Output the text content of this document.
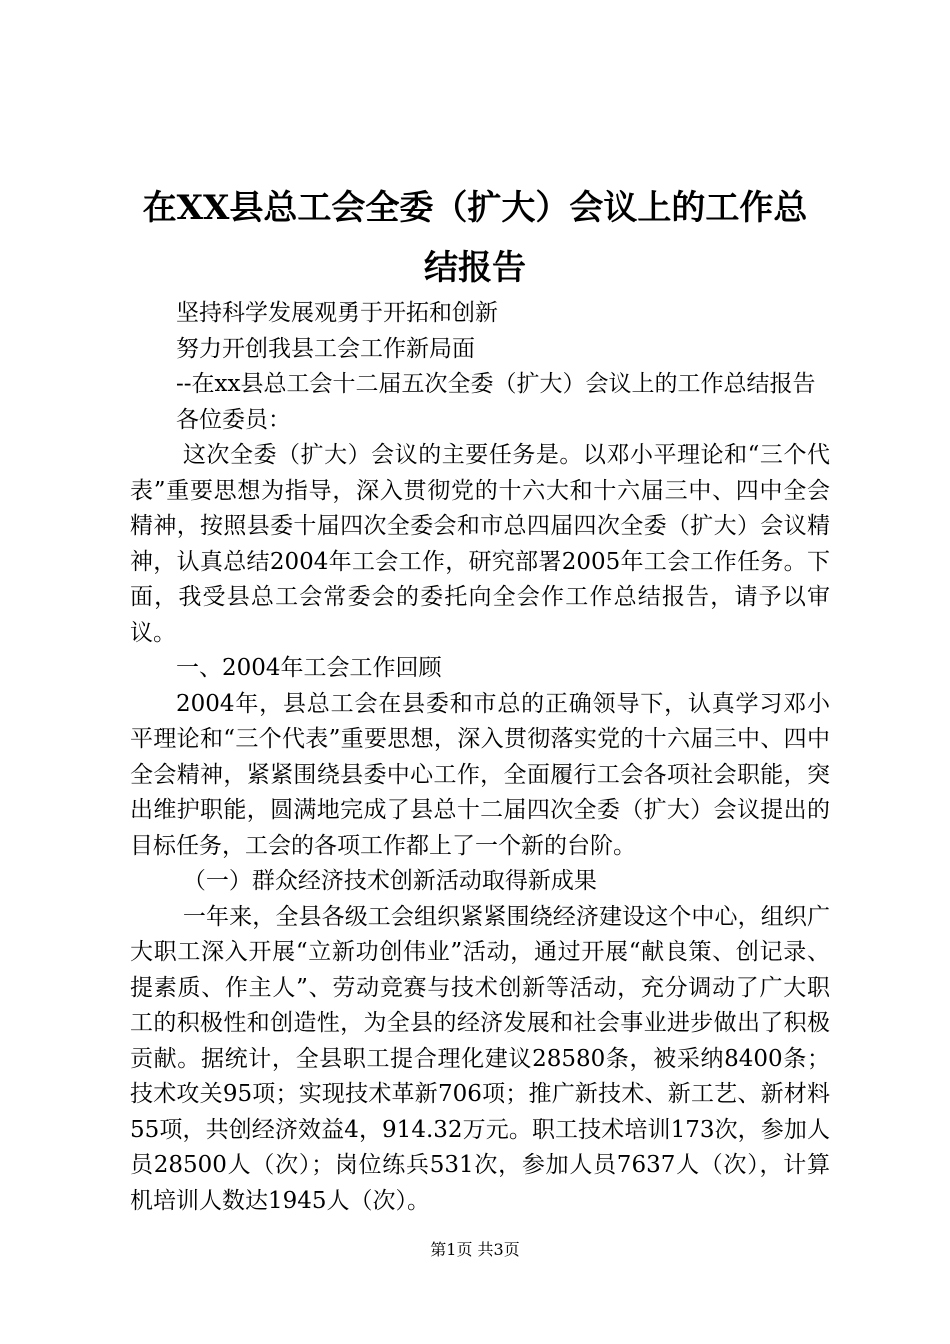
在XX县总工会全委（扩大）会议上的工作总
结报告

坚持科学发展观勇于开拓和创新

努力开创我县工会工作新局面

--在xx县总工会十二届五次全委（扩大）会议上的工作总结报告

各位委员：

这次全委（扩大）会议的主要任务是。以邓小平理论和“三个代表”重要思想为指导，深入贯彻党的十六大和十六届三中、四中全会精神，按照县委十届四次全委会和市总四届四次全委（扩大）会议精神，认真总结2004年工会工作，研究部署2005年工会工作任务。下面，我受县总工会常委会的委托向全会作工作总结报告，请予以审议。

一、2004年工会工作回顾

2004年，县总工会在县委和市总的正确领导下，认真学习邓小平理论和“三个代表”重要思想，深入贯彻落实党的十六届三中、四中全会精神，紧紧围绕县委中心工作，全面履行工会各项社会职能，突出维护职能，圆满地完成了县总十二届四次全委（扩大）会议提出的目标任务，工会的各项工作都上了一个新的台阶。

（一）群众经济技术创新活动取得新成果

一年来，全县各级工会组织紧紧围绕经济建设这个中心，组织广大职工深入开展“立新功创伟业”活动，通过开展“献良策、创记录、提素质、作主人”、劳动竞赛与技术创新等活动，充分调动了广大职工的积极性和创造性，为全县的经济发展和社会事业进步做出了积极贡献。据统计，全县职工提合理化建议28580条，被采纳8400条；技术攻关95项；实现技术革新706项；推广新技术、新工艺、新材料55项，共创经济效益4，914.32万元。职工技术培训173次，参加人员28500人（次）；岗位练兵531次，参加人员7637人（次），计算机培训人数达1945人（次）。

第1页 共3页
